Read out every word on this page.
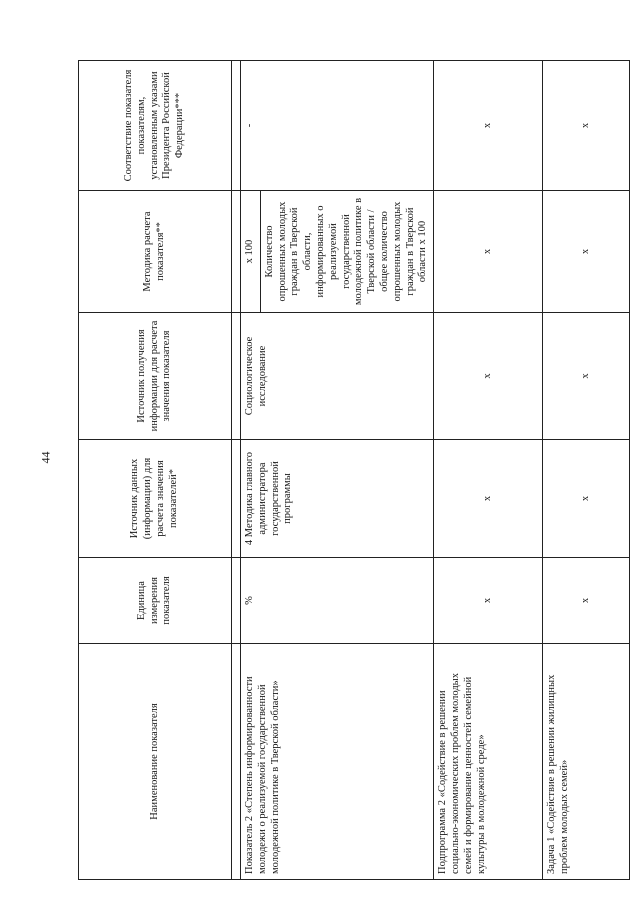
44
Наименование показателя	Единица измерения показателя	Источник данных (информации) для расчета значения показателей*	Источник получения информации для расчета значения показателя	Методика расчета показателя**	Соответствие показателя показателям, установленным указами Президента Российской Федерации***

Показатель 2 «Степень информированности молодежи о реализуемой государственной молодежной политике в Тверской области»	%	4 Методика главного администратора государственной программы	Социологическое исследование	х 100 Количество опрошенных молодых граждан в Тверской области, информированных о реализуемой государственной молодежной политике в Тверской области / общее количество опрошенных молодых граждан в Тверской области х 100	-
Подпрограмма 2 «Содействие в решении социально-экономических проблем молодых семей и формирование ценностей семейной культуры в молодежной среде»	х	х	х	х	х
Задача 1 «Содействие в решении жилищных проблем молодых семей»	х	х	х	х	х
